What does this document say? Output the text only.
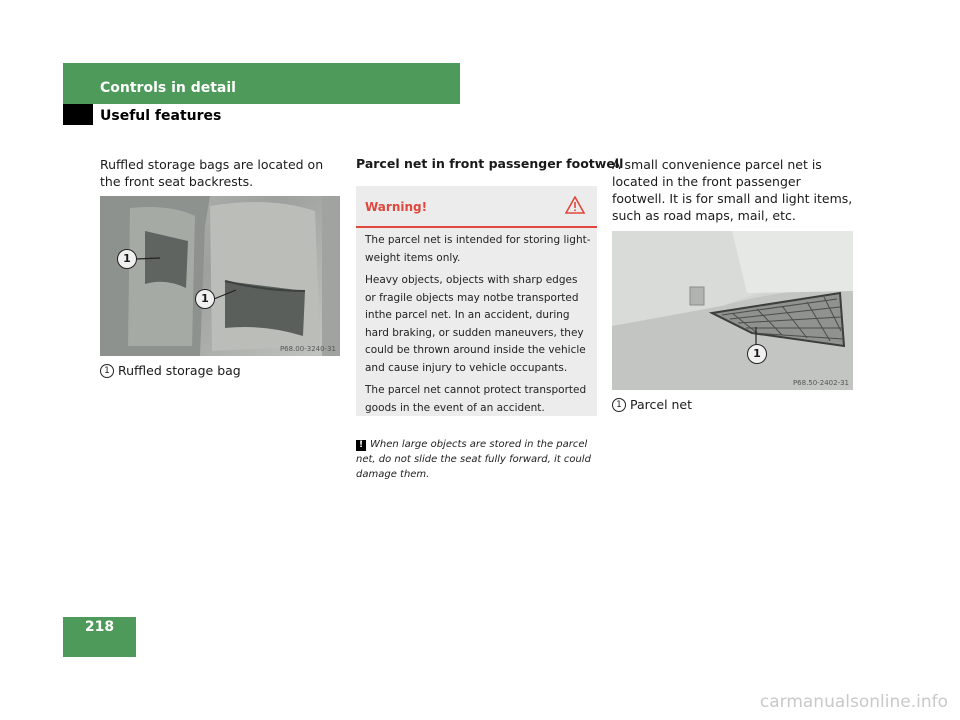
Controls in detail
Useful features
Ruffled storage bags are located on the front seat backrests.
1
1
P68.00-3240-31
1 Ruffled storage bag
Parcel net in front passenger footwell
Warning!

The parcel net is intended for storing light-weight items only.

Heavy objects, objects with sharp edges or fragile objects may notbe transported inthe parcel net. In an accident, during hard braking, or sudden maneuvers, they could be thrown around inside the vehicle and cause injury to vehicle occupants.

The parcel net cannot protect transported goods in the event of an accident.

! When large objects are stored in the parcel net, do not slide the seat fully forward, it could damage them.
A small convenience parcel net is located in the front passenger footwell. It is for small and light items, such as road maps, mail, etc.
1
P68.50-2402-31
1 Parcel net
218
carmanualsonline.info
